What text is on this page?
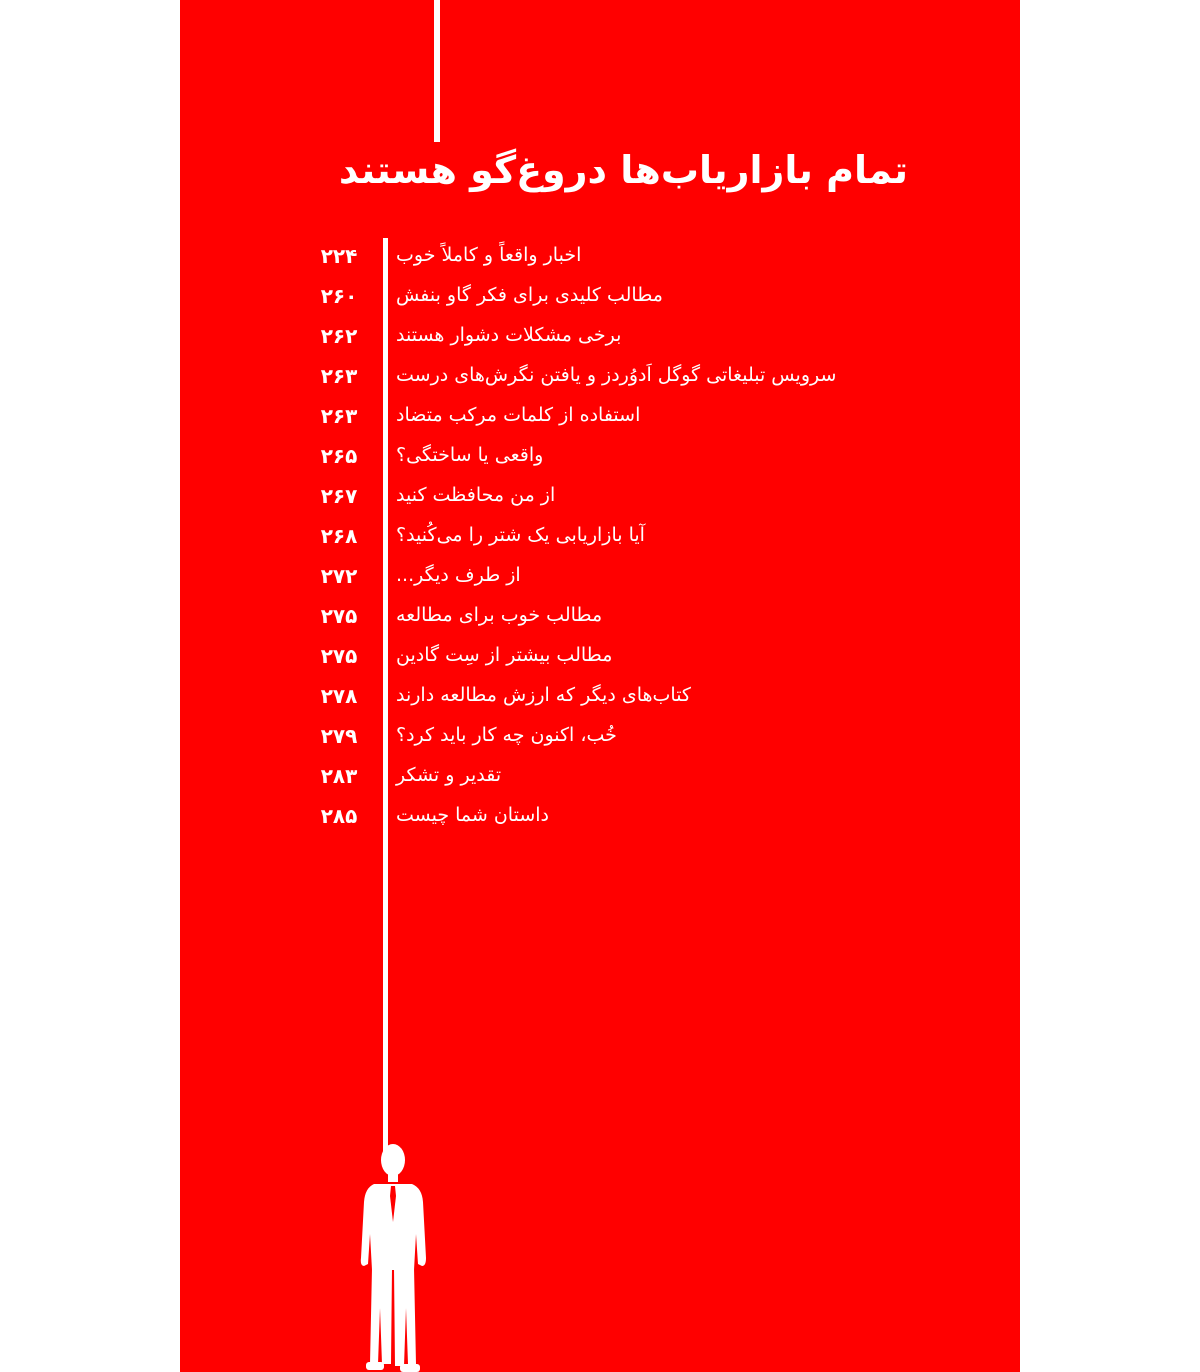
تمام بازاریاب‌ها دروغ‌گو هستند
۲۲۴	اخبار واقعاً و کاملاً خوب
۲۶۰	مطالب کلیدی برای فکر گاو بنفش
۲۶۲	برخی مشکلات دشوار هستند
۲۶۳	سرویس تبلیغاتی گوگل اَدوُردز و یافتن نگرش‌های درست
۲۶۳	استفاده از کلمات مرکب متضاد
۲۶۵	واقعی یا ساختگی؟
۲۶۷	از من محافظت کنید
۲۶۸	آیا بازاریابی یک شتر را می‌کُنید؟
۲۷۲	از طرف دیگر...
۲۷۵	مطالب خوب برای مطالعه
۲۷۵	مطالب بیشتر از سِت گادین
۲۷۸	کتاب‌های دیگر که ارزش مطالعه دارند
۲۷۹	خُب، اکنون چه کار باید کرد؟
۲۸۳	تقدیر و تشکر
۲۸۵	داستان شما چیست
